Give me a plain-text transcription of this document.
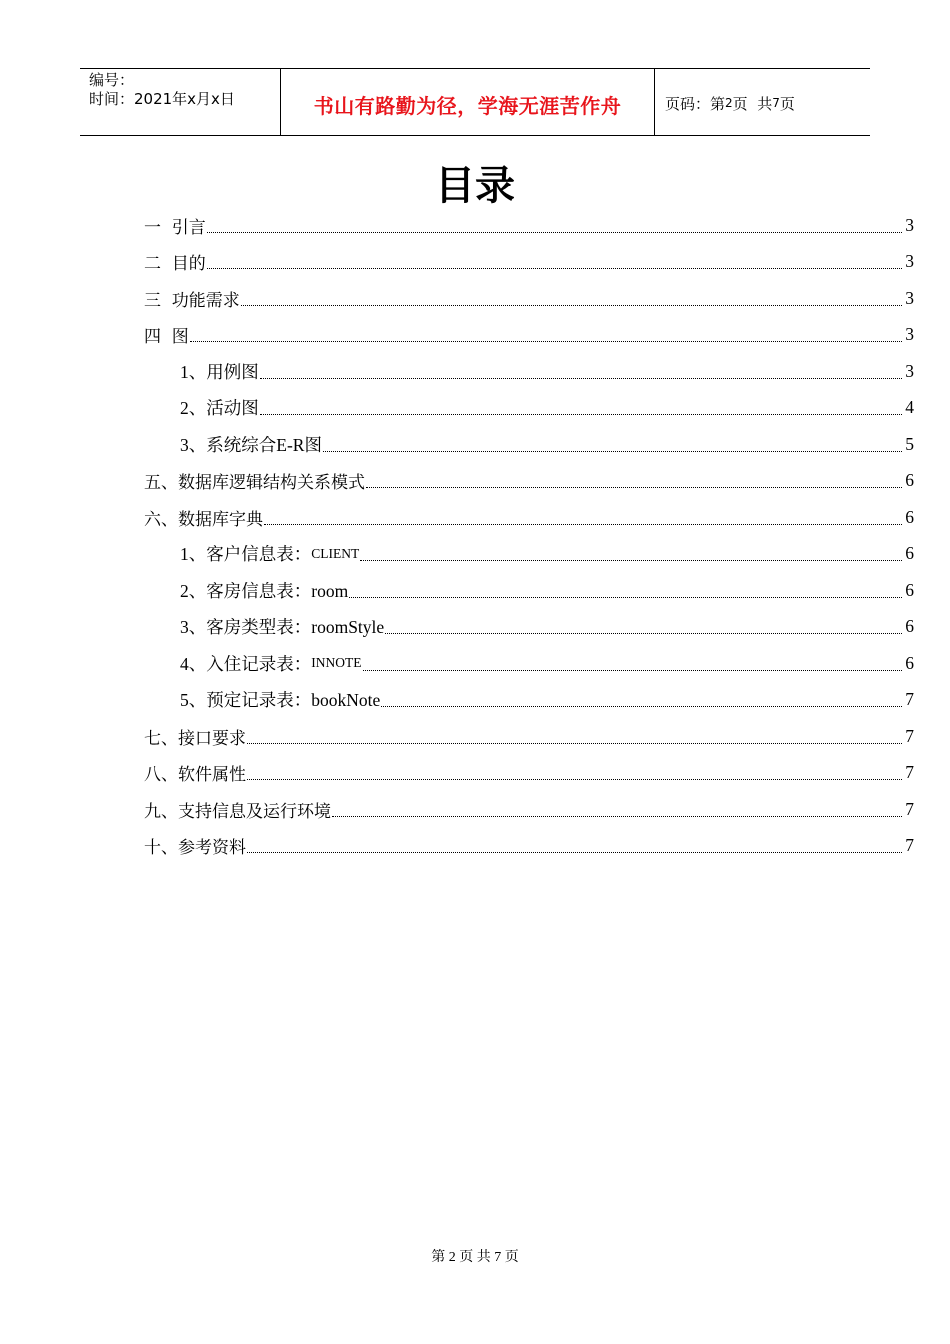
编号：
时间：2021年x月x日	书山有路勤为径，学海无涯苦作舟	页码：第 2 页  共 7 页
目录
一  引言	3
二  目的	3
三  功能需求	3
四  图	3
1、用例图	3
2、活动图	4
3、系统综合E-R图	5
五、数据库逻辑结构关系模式	6
六、数据库字典	6
1、客户信息表： CLIENT	6
2、客房信息表：room	6
3、客房类型表：roomStyle	6
4、入住记录表： INNOTE	6
5、预定记录表：bookNote	7
七、接口要求	7
八、软件属性	7
九、支持信息及运行环境	7
十、参考资料	7
第 2 页 共 7 页
